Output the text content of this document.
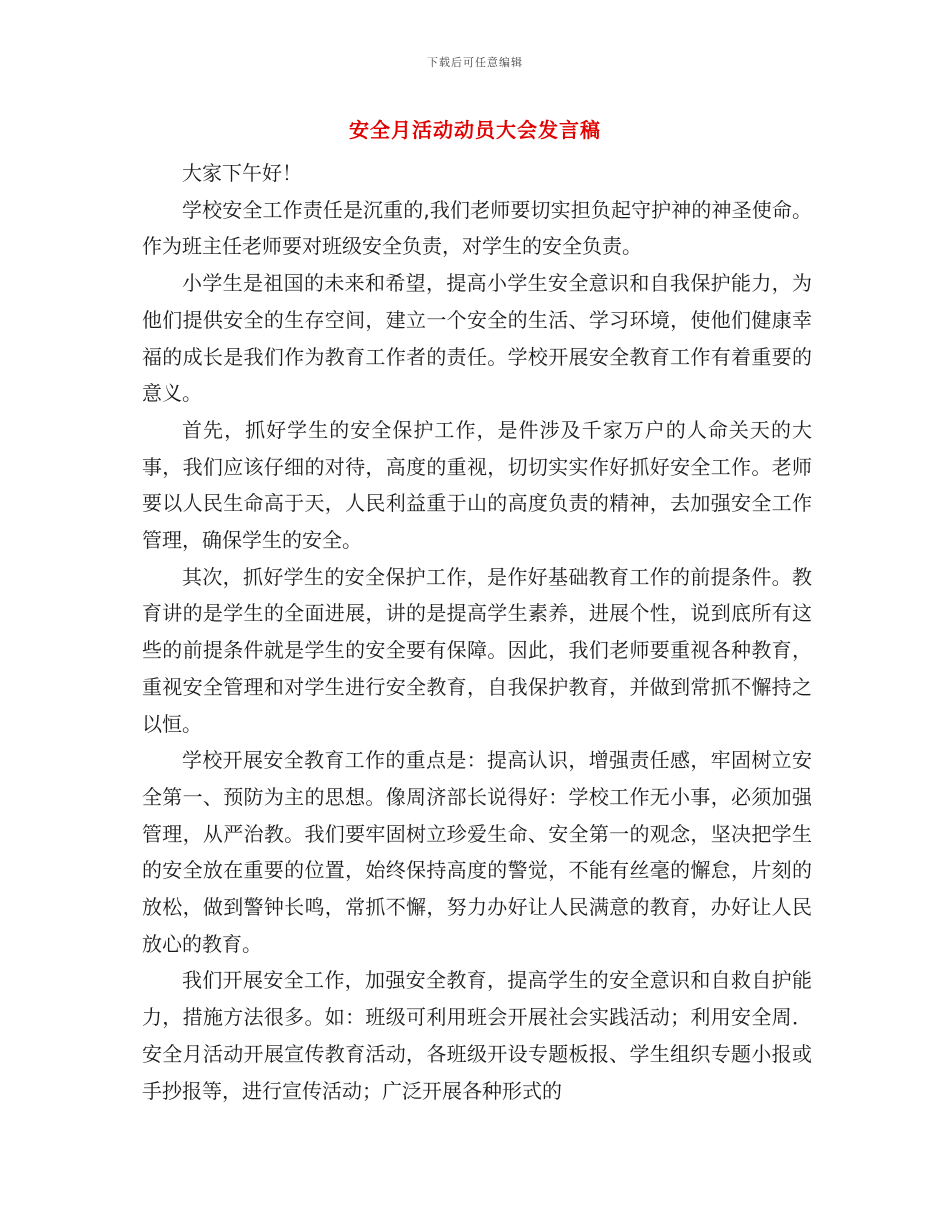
下载后可任意编辑
安全月活动动员大会发言稿

大家下午好！

学校安全工作责任是沉重的,我们老师要切实担负起守护神的神圣使命。作为班主任老师要对班级安全负责，对学生的安全负责。

小学生是祖国的未来和希望，提高小学生安全意识和自我保护能力，为他们提供安全的生存空间，建立一个安全的生活、学习环境，使他们健康幸福的成长是我们作为教育工作者的责任。学校开展安全教育工作有着重要的意义。

首先，抓好学生的安全保护工作，是件涉及千家万户的人命关天的大事，我们应该仔细的对待，高度的重视，切切实实作好抓好安全工作。老师要以人民生命高于天，人民利益重于山的高度负责的精神，去加强安全工作管理，确保学生的安全。

其次，抓好学生的安全保护工作，是作好基础教育工作的前提条件。教育讲的是学生的全面进展，讲的是提高学生素养，进展个性，说到底所有这些的前提条件就是学生的安全要有保障。因此，我们老师要重视各种教育，重视安全管理和对学生进行安全教育，自我保护教育，并做到常抓不懈持之以恒。

学校开展安全教育工作的重点是：提高认识，增强责任感，牢固树立安全第一、预防为主的思想。像周济部长说得好：学校工作无小事，必须加强管理，从严治教。我们要牢固树立珍爱生命、安全第一的观念，坚决把学生的安全放在重要的位置，始终保持高度的警觉，不能有丝毫的懈怠，片刻的放松，做到警钟长鸣，常抓不懈，努力办好让人民满意的教育，办好让人民放心的教育。

我们开展安全工作，加强安全教育，提高学生的安全意识和自救自护能力，措施方法很多。如：班级可利用班会开展社会实践活动；利用安全周．安全月活动开展宣传教育活动，各班级开设专题板报、学生组织专题小报或手抄报等，进行宣传活动；广泛开展各种形式的
